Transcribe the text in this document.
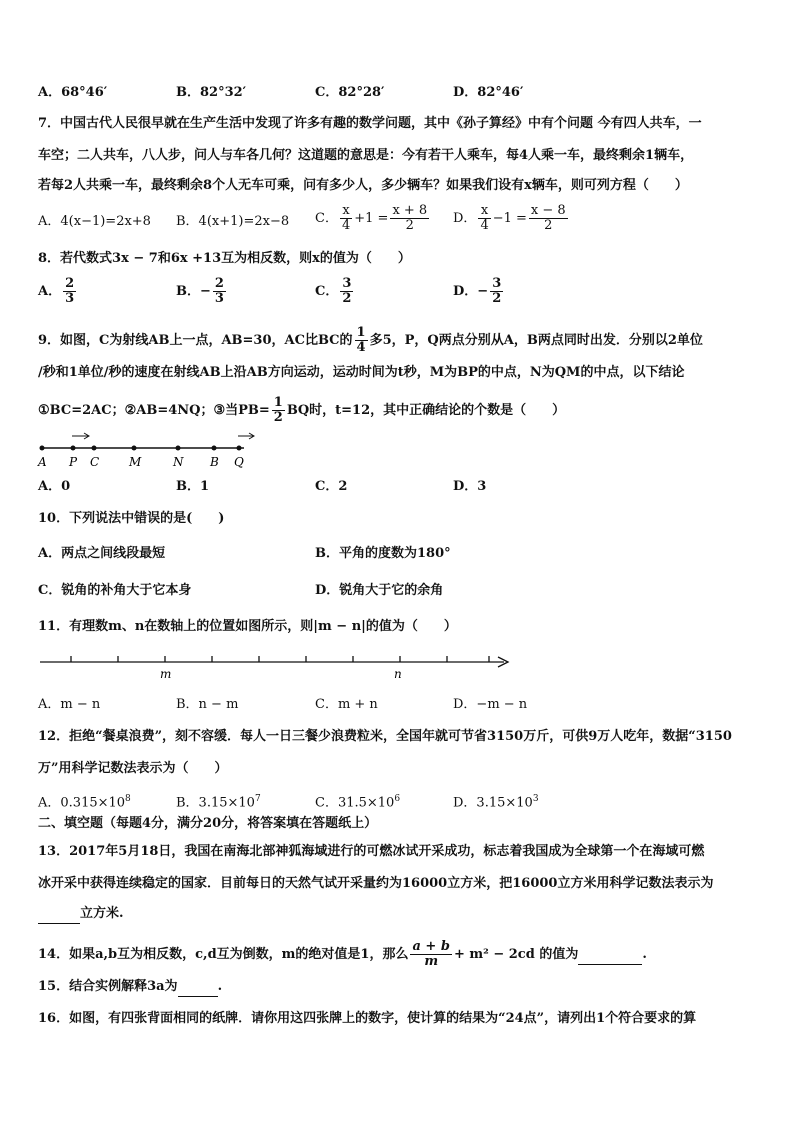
A．68°46′	B．82°32′	C．82°28′	D．82°46′
7．中国古代人民很早就在生产生活中发现了许多有趣的数学问题，其中《孙子算经》中有个问题 今有四人共车，一
车空；二人共车，八人步，问人与车各几何？这道题的意思是：今有若干人乘车，每4人乘一车，最终剩余1辆车，
若每2人共乘一车，最终剩余8个人无车可乘，问有多少人，多少辆车？如果我们设有x辆车，则可列方程（　　）
A．4(x−1)=2x+8 B．4(x+1)=2x−8 C． $\frac{x}{4} +1 = \frac{x + 8}{2}$ D． $\frac{x}{4} -1 = \frac{x - 8}{2}$
8．若代数式3x − 7和6x +13互为相反数，则x的值为（　　）
A． $\frac{2}{3}$	B．− $\frac{2}{3}$	C． $\frac{3}{2}$	D．− $\frac{3}{2}$
9．如图，C为射线AB上一点，AB=30，AC比BC的 $\frac{1}{4}$ 多5，P，Q两点分别从A，B两点同时出发．分别以2单位
/秒和1单位/秒的速度在射线AB上沿AB方向运动，运动时间为t秒，M为BP的中点，N为QM的中点，以下结论
①BC=2AC；②AB=4NQ；③当$PB= \frac{1}{2}$ BQ时，t=12，其中正确结论的个数是（　　）
A P C M	N B Q
A．0	B．1	C．2	D．3
10．下列说法中错误的是(　　)
A．两点之间线段最短	B．平角的度数为180°
C．锐角的补角大于它本身	D．锐角大于它的余角
11．有理数m、n在数轴上的位置如图所示，则|m − n|的值为（　　）
m	n
A．m − n	B．n − m	C．m + n	D．−m − n
12．拒绝“餐桌浪费”，刻不容缓．每人一日三餐少浪费粒米，全国年就可节省3150万斤，可供9万人吃年，数据“3150
万”用科学记数法表示为（　　）
A．$0.315\times 10^8$	B．$3.15\times 10^7$	C．$31.5\times 10^6$	D．$3.15\times 10^3$
二、填空题（每题4分，满分20分，将答案填在答题纸上）
13．2017年5月18日，我国在南海北部神狐海域进行的可燃冰试开采成功，标志着我国成为全球第一个在海域可燃
冰开采中获得连续稳定的国家．目前每日的天然气试开采量约为16000立方米，把16000立方米用科学记数法表示为
立方米.
14．如果a,b互为相反数，c,d互为倒数，m的绝对值是1，那么 $\frac{a + b}{m} + m^2 - 2cd$ 的值为	.
15．结合实例解释3a为	.
16．如图，有四张背面相同的纸牌．请你用这四张牌上的数字，使计算的结果为“24点”，请列出1个符合要求的算
